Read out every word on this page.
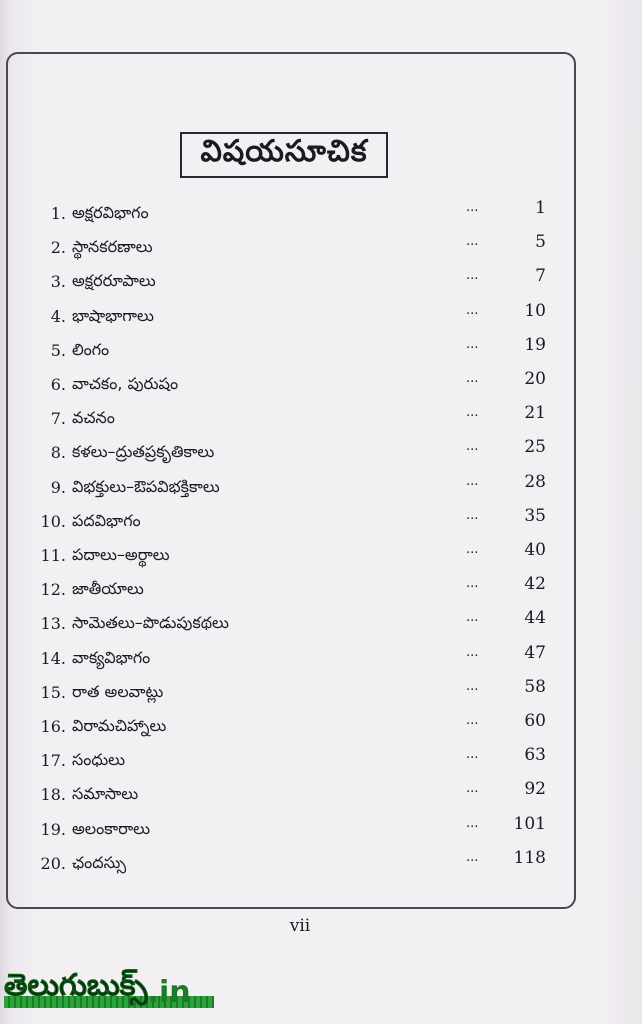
విషయసూచిక
1. అక్షరవిభాగం	...	1
2. స్థానకరణాలు	...	5
3. అక్షరరూపాలు	...	7
4. భాషాభాగాలు	...	10
5. లింగం	...	19
6. వాచకం, పురుషం	...	20
7. వచనం	...	21
8. కళలు–ద్రుతప్రకృతికాలు	...	25
9. విభక్తులు–ఔపవిభక్తికాలు	...	28
10. పదవిభాగం	...	35
11. పదాలు–అర్థాలు	...	40
12. జాతీయాలు	...	42
13. సామెతలు–పొడుపుకథలు	...	44
14. వాక్యవిభాగం	...	47
15. రాత అలవాట్లు	...	58
16. విరామచిహ్నాలు	...	60
17. సంధులు	...	63
18. సమాసాలు	...	92
19. అలంకారాలు	...	101
20. ఛందస్సు	...	118
vii
తెలుగుబుక్స్ .in
